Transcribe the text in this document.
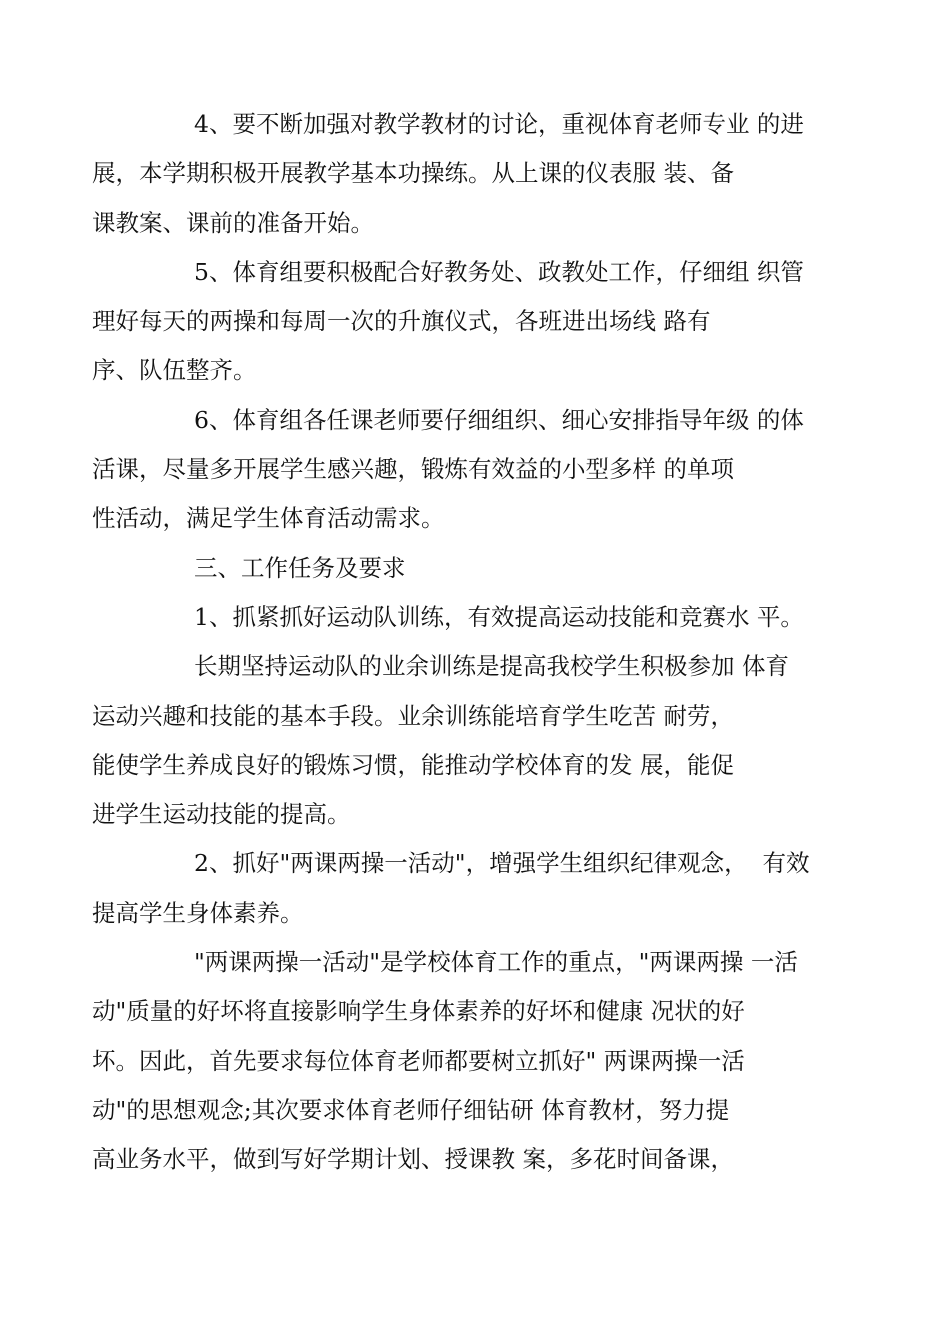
4、要不断加强对教学教材的讨论，重视体育老师专业 的进
展，本学期积极开展教学基本功操练。从上课的仪表服 装、备
课教案、课前的准备开始。

5、体育组要积极配合好教务处、政教处工作，仔细组 织管
理好每天的两操和每周一次的升旗仪式，各班进出场线 路有
序、队伍整齐。

6、体育组各任课老师要仔细组织、细心安排指导年级 的体
活课，尽量多开展学生感兴趣，锻炼有效益的小型多样 的单项
性活动，满足学生体育活动需求。

三、工作任务及要求

1、抓紧抓好运动队训练，有效提高运动技能和竞赛水 平。

长期坚持运动队的业余训练是提高我校学生积极参加 体育
运动兴趣和技能的基本手段。业余训练能培育学生吃苦 耐劳，
能使学生养成良好的锻炼习惯，能推动学校体育的发 展，能促
进学生运动技能的提高。

2、抓好"两课两操一活动"，增强学生组织纪律观念，  有效
提高学生身体素养。

"两课两操一活动"是学校体育工作的重点，"两课两操 一活
动"质量的好坏将直接影响学生身体素养的好坏和健康 况状的好
坏。因此，首先要求每位体育老师都要树立抓好" 两课两操一活
动"的思想观念;其次要求体育老师仔细钻研 体育教材，努力提
高业务水平，做到写好学期计划、授课教 案，多花时间备课，
